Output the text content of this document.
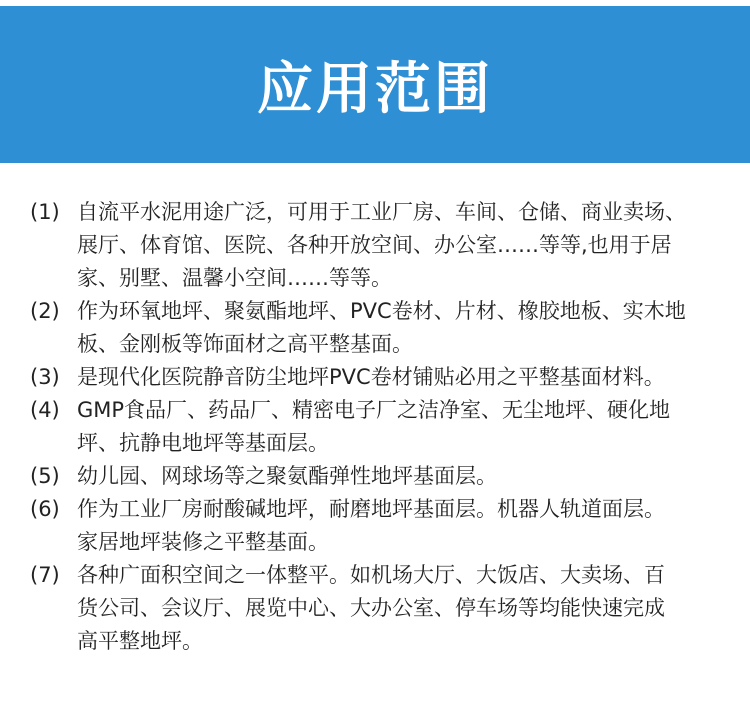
应用范围
(1) 自流平水泥用途广泛，可用于工业厂房、车间、仓储、商业卖场、
展厅、体育馆、医院、各种开放空间、办公室……等等,也用于居
家、别墅、温馨小空间……等等。
(2) 作为环氧地坪、聚氨酯地坪、PVC卷材、片材、橡胶地板、实木地
板、金刚板等饰面材之高平整基面。
(3) 是现代化医院静音防尘地坪PVC卷材铺贴必用之平整基面材料。
(4) GMP食品厂、药品厂、精密电子厂之洁净室、无尘地坪、硬化地
坪、抗静电地坪等基面层。
(5) 幼儿园、网球场等之聚氨酯弹性地坪基面层。
(6) 作为工业厂房耐酸碱地坪，耐磨地坪基面层。机器人轨道面层。
家居地坪装修之平整基面。
(7) 各种广面积空间之一体整平。如机场大厅、大饭店、大卖场、百
货公司、会议厅、展览中心、大办公室、停车场等均能快速完成
高平整地坪。
